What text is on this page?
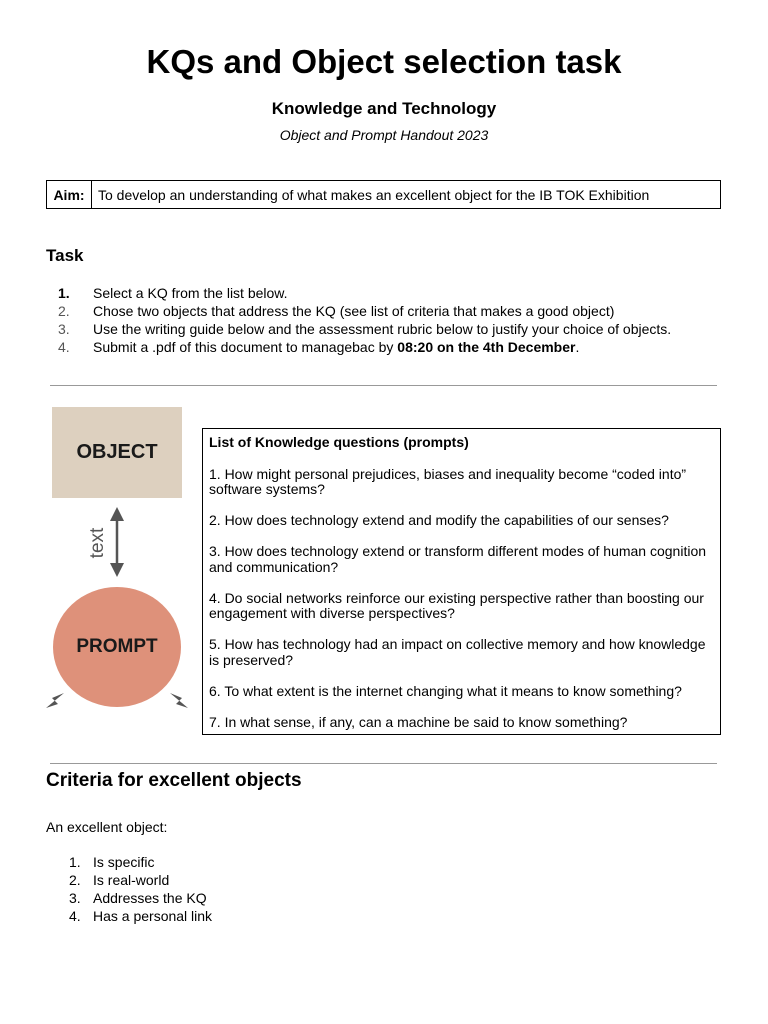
KQs and Object selection task
Knowledge and Technology
Object and Prompt Handout 2023
Aim: To develop an understanding of what makes an excellent object for the IB TOK Exhibition
Task
1. Select a KQ from the list below.
2. Chose two objects that address the KQ (see list of criteria that makes a good object)
3. Use the writing guide below and the assessment rubric below to justify your choice of objects.
4. Submit a .pdf of this document to managebac by 08:20 on the 4th December.
OBJECT
text
PROMPT
List of Knowledge questions (prompts)
1. How might personal prejudices, biases and inequality become “coded into” software systems?
2. How does technology extend and modify the capabilities of our senses?
3. How does technology extend or transform different modes of human cognition and communication?
4. Do social networks reinforce our existing perspective rather than boosting our engagement with diverse perspectives?
5. How has technology had an impact on collective memory and how knowledge is preserved?
6. To what extent is the internet changing what it means to know something?
7. In what sense, if any, can a machine be said to know something?
Criteria for excellent objects
An excellent object:
1. Is specific
2. Is real-world
3. Addresses the KQ
4. Has a personal link
